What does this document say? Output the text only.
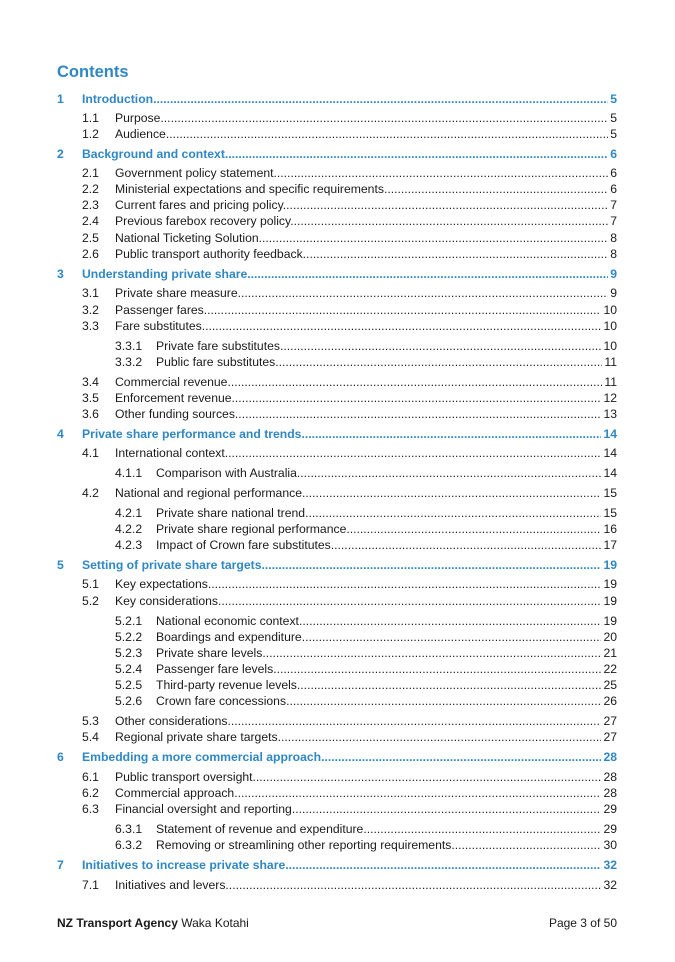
Contents
1 Introduction .....	5
1.1 Purpose .....	5
1.2 Audience .....	5
2 Background and context .....	6
2.1 Government policy statement .....	6
2.2 Ministerial expectations and specific requirements .....	6
2.3 Current fares and pricing policy .....	7
2.4 Previous farebox recovery policy .....	7
2.5 National Ticketing Solution .....	8
2.6 Public transport authority feedback .....	8
3 Understanding private share .....	9
3.1 Private share measure .....	9
3.2 Passenger fares .....	10
3.3 Fare substitutes .....	10
3.3.1 Private fare substitutes .....	10
3.3.2 Public fare substitutes .....	11
3.4 Commercial revenue .....	11
3.5 Enforcement revenue .....	12
3.6 Other funding sources .....	13
4 Private share performance and trends .....	14
4.1 International context .....	14
4.1.1 Comparison with Australia .....	14
4.2 National and regional performance .....	15
4.2.1 Private share national trend .....	15
4.2.2 Private share regional performance .....	16
4.2.3 Impact of Crown fare substitutes .....	17
5 Setting of private share targets .....	19
5.1 Key expectations .....	19
5.2 Key considerations .....	19
5.2.1 National economic context .....	19
5.2.2 Boardings and expenditure .....	20
5.2.3 Private share levels .....	21
5.2.4 Passenger fare levels .....	22
5.2.5 Third-party revenue levels .....	25
5.2.6 Crown fare concessions .....	26
5.3 Other considerations .....	27
5.4 Regional private share targets .....	27
6 Embedding a more commercial approach .....	28
6.1 Public transport oversight .....	28
6.2 Commercial approach .....	28
6.3 Financial oversight and reporting .....	29
6.3.1 Statement of revenue and expenditure .....	29
6.3.2 Removing or streamlining other reporting requirements .....	30
7 Initiatives to increase private share .....	32
7.1 Initiatives and levers .....	32
NZ Transport Agency Waka Kotahi	Page 3 of 50
